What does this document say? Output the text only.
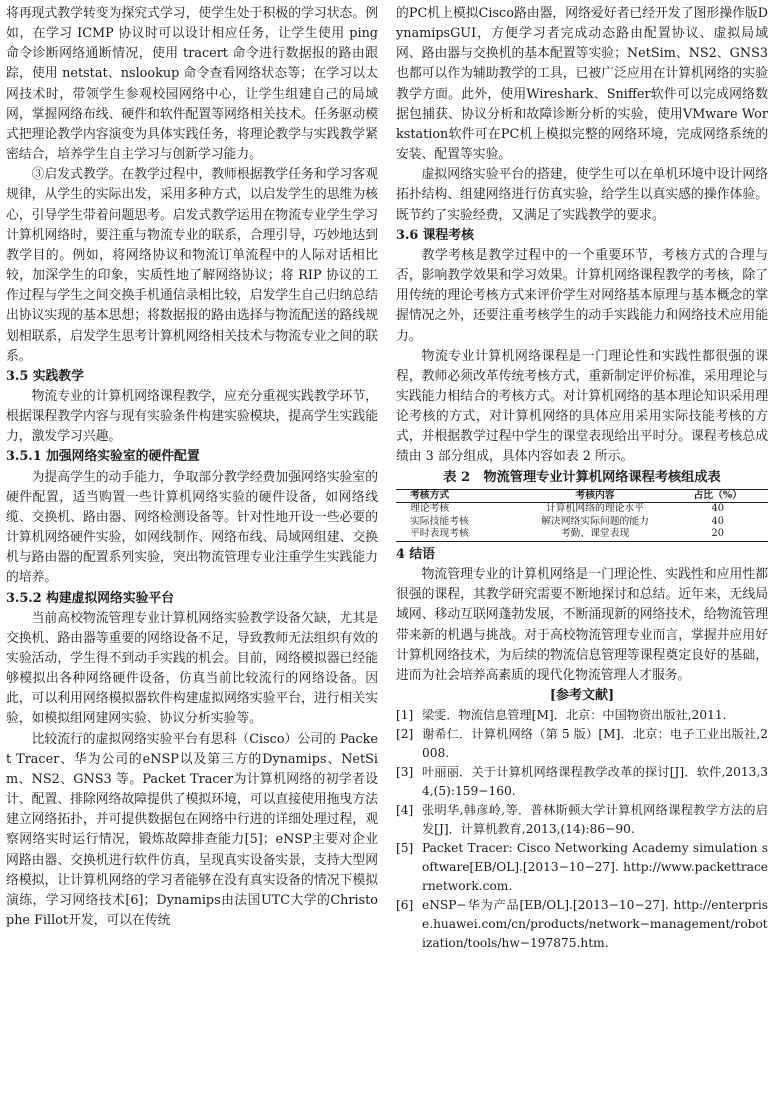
将再现式教学转变为探究式学习，使学生处于积极的学习状态。例如，在学习 ICMP 协议时可以设计相应任务，让学生使用 ping 命令诊断网络通断情况，使用 tracert 命令进行数据报的路由跟踪，使用 netstat、nslookup 命令查看网络状态等；在学习以太网技术时，带领学生参观校园网络中心，让学生组建自己的局域网，掌握网络布线、硬件和软件配置等网络相关技术。任务驱动模式把理论教学内容演变为具体实践任务，将理论教学与实践教学紧密结合，培养学生自主学习与创新学习能力。

③启发式教学。在教学过程中，教师根据教学任务和学习客观规律，从学生的实际出发，采用多种方式，以启发学生的思维为核心，引导学生带着问题思考。启发式教学运用在物流专业学生学习计算机网络时，要注重与物流专业的联系，合理引导，巧妙地达到教学目的。例如，将网络协议和物流订单流程中的人际对话相比较，加深学生的印象，实质性地了解网络协议；将 RIP 协议的工作过程与学生之间交换手机通信录相比较，启发学生自己归纳总结出协议实现的基本思想；将数据报的路由选择与物流配送的路线规划相联系，启发学生思考计算机网络相关技术与物流专业之间的联系。

3.5 实践教学

物流专业的计算机网络课程教学，应充分重视实践教学环节，根据课程教学内容与现有实验条件构建实验模块，提高学生实践能力，激发学习兴趣。

3.5.1 加强网络实验室的硬件配置

为提高学生的动手能力，争取部分教学经费加强网络实验室的硬件配置，适当购置一些计算机网络实验的硬件设备，如网络线缆、交换机、路由器、网络检测设备等。针对性地开设一些必要的计算机网络硬件实验，如网线制作、网络布线、局域网组建、交换机与路由器的配置系列实验，突出物流管理专业注重学生实践能力的培养。

3.5.2 构建虚拟网络实验平台

当前高校物流管理专业计算机网络实验教学设备欠缺，尤其是交换机、路由器等重要的网络设备不足，导致教师无法组织有效的实验活动，学生得不到动手实践的机会。目前，网络模拟器已经能够模拟出各种网络硬件设备，仿真当前比较流行的网络设备。因此，可以利用网络模拟器软件构建虚拟网络实验平台，进行相关实验，如模拟组网建网实验、协议分析实验等。

比较流行的虚拟网络实验平台有思科（Cisco）公司的 Packet Tracer、华为公司的eNSP以及第三方的Dynamips、NetSim、NS2、GNS3 等。Packet Tracer为计算机网络的初学者设计、配置、排除网络故障提供了模拟环境，可以直接使用拖曳方法建立网络拓扑，并可提供数据包在网络中行进的详细处理过程，观察网络实时运行情况，锻炼故障排查能力[5]；eNSP主要对企业网路由器、交换机进行软件仿真，呈现真实设备实景，支持大型网络模拟，让计算机网络的学习者能够在没有真实设备的情况下模拟演练，学习网络技术[6]；Dynamips由法国UTC大学的Christophe Fillot开发，可以在传统

的PC机上模拟Cisco路由器，网络爱好者已经开发了图形操作版DynamipsGUI，方便学习者完成动态路由配置协议、虚拟局域网、路由器与交换机的基本配置等实验；NetSim、NS2、GNS3 也都可以作为辅助教学的工具，已被广泛应用在计算机网络的实验教学方面。此外，使用Wireshark、Sniffer软件可以完成网络数据包捕获、协议分析和故障诊断分析的实验，使用VMware Workstation软件可在PC机上模拟完整的网络环境，完成网络系统的安装、配置等实验。

虚拟网络实验平台的搭建，使学生可以在单机环境中设计网络拓扑结构、组建网络进行仿真实验，给学生以真实感的操作体验。既节约了实验经费，又满足了实践教学的要求。

3.6 课程考核

教学考核是教学过程中的一个重要环节，考核方式的合理与否，影响教学效果和学习效果。计算机网络课程教学的考核，除了用传统的理论考核方式来评价学生对网络基本原理与基本概念的掌握情况之外，还要注重考核学生的动手实践能力和网络技术应用能力。

物流专业计算机网络课程是一门理论性和实践性都很强的课程，教师必须改革传统考核方式，重新制定评价标准，采用理论与实践能力相结合的考核方式。对计算机网络的基本理论知识采用理论考核的方式，对计算机网络的具体应用采用实际技能考核的方式，并根据教学过程中学生的课堂表现给出平时分。课程考核总成绩由 3 部分组成，具体内容如表 2 所示。

表 2　物流管理专业计算机网络课程考核组成表

考核方式	考核内容	占比（%）
理论考核	计算机网络的理论水平	40
实际技能考核	解决网络实际问题的能力	40
平时表现考核	考勤、课堂表现	20

4 结语

物流管理专业的计算机网络是一门理论性、实践性和应用性都很强的课程，其教学研究需要不断地探讨和总结。近年来，无线局域网、移动互联网蓬勃发展，不断涌现新的网络技术，给物流管理带来新的机遇与挑战。对于高校物流管理专业而言，掌握并应用好计算机网络技术，为后续的物流信息管理等课程奠定良好的基础，进而为社会培养高素质的现代化物流管理人才服务。

[参考文献]

[1] 梁雯．物流信息管理[M]．北京：中国物资出版社,2011.
[2] 谢希仁．计算机网络（第 5 版）[M]．北京：电子工业出版社,2008.
[3] 叶丽丽．关于计算机网络课程教学改革的探讨[J]．软件,2013,34,(5):159−160.
[4] 张明华,韩彦岭,等．普林斯顿大学计算机网络课程教学方法的启发[J]．计算机教育,2013,(14):86−90.
[5] Packet Tracer: Cisco Networking Academy simulation software[EB/OL].[2013−10−27]. http://www.packettracernetwork.com.
[6] eNSP−华为产品[EB/OL].[2013−10−27]. http://enterprise.huawei.com/cn/products/network−management/robotization/tools/hw−197875.htm.
